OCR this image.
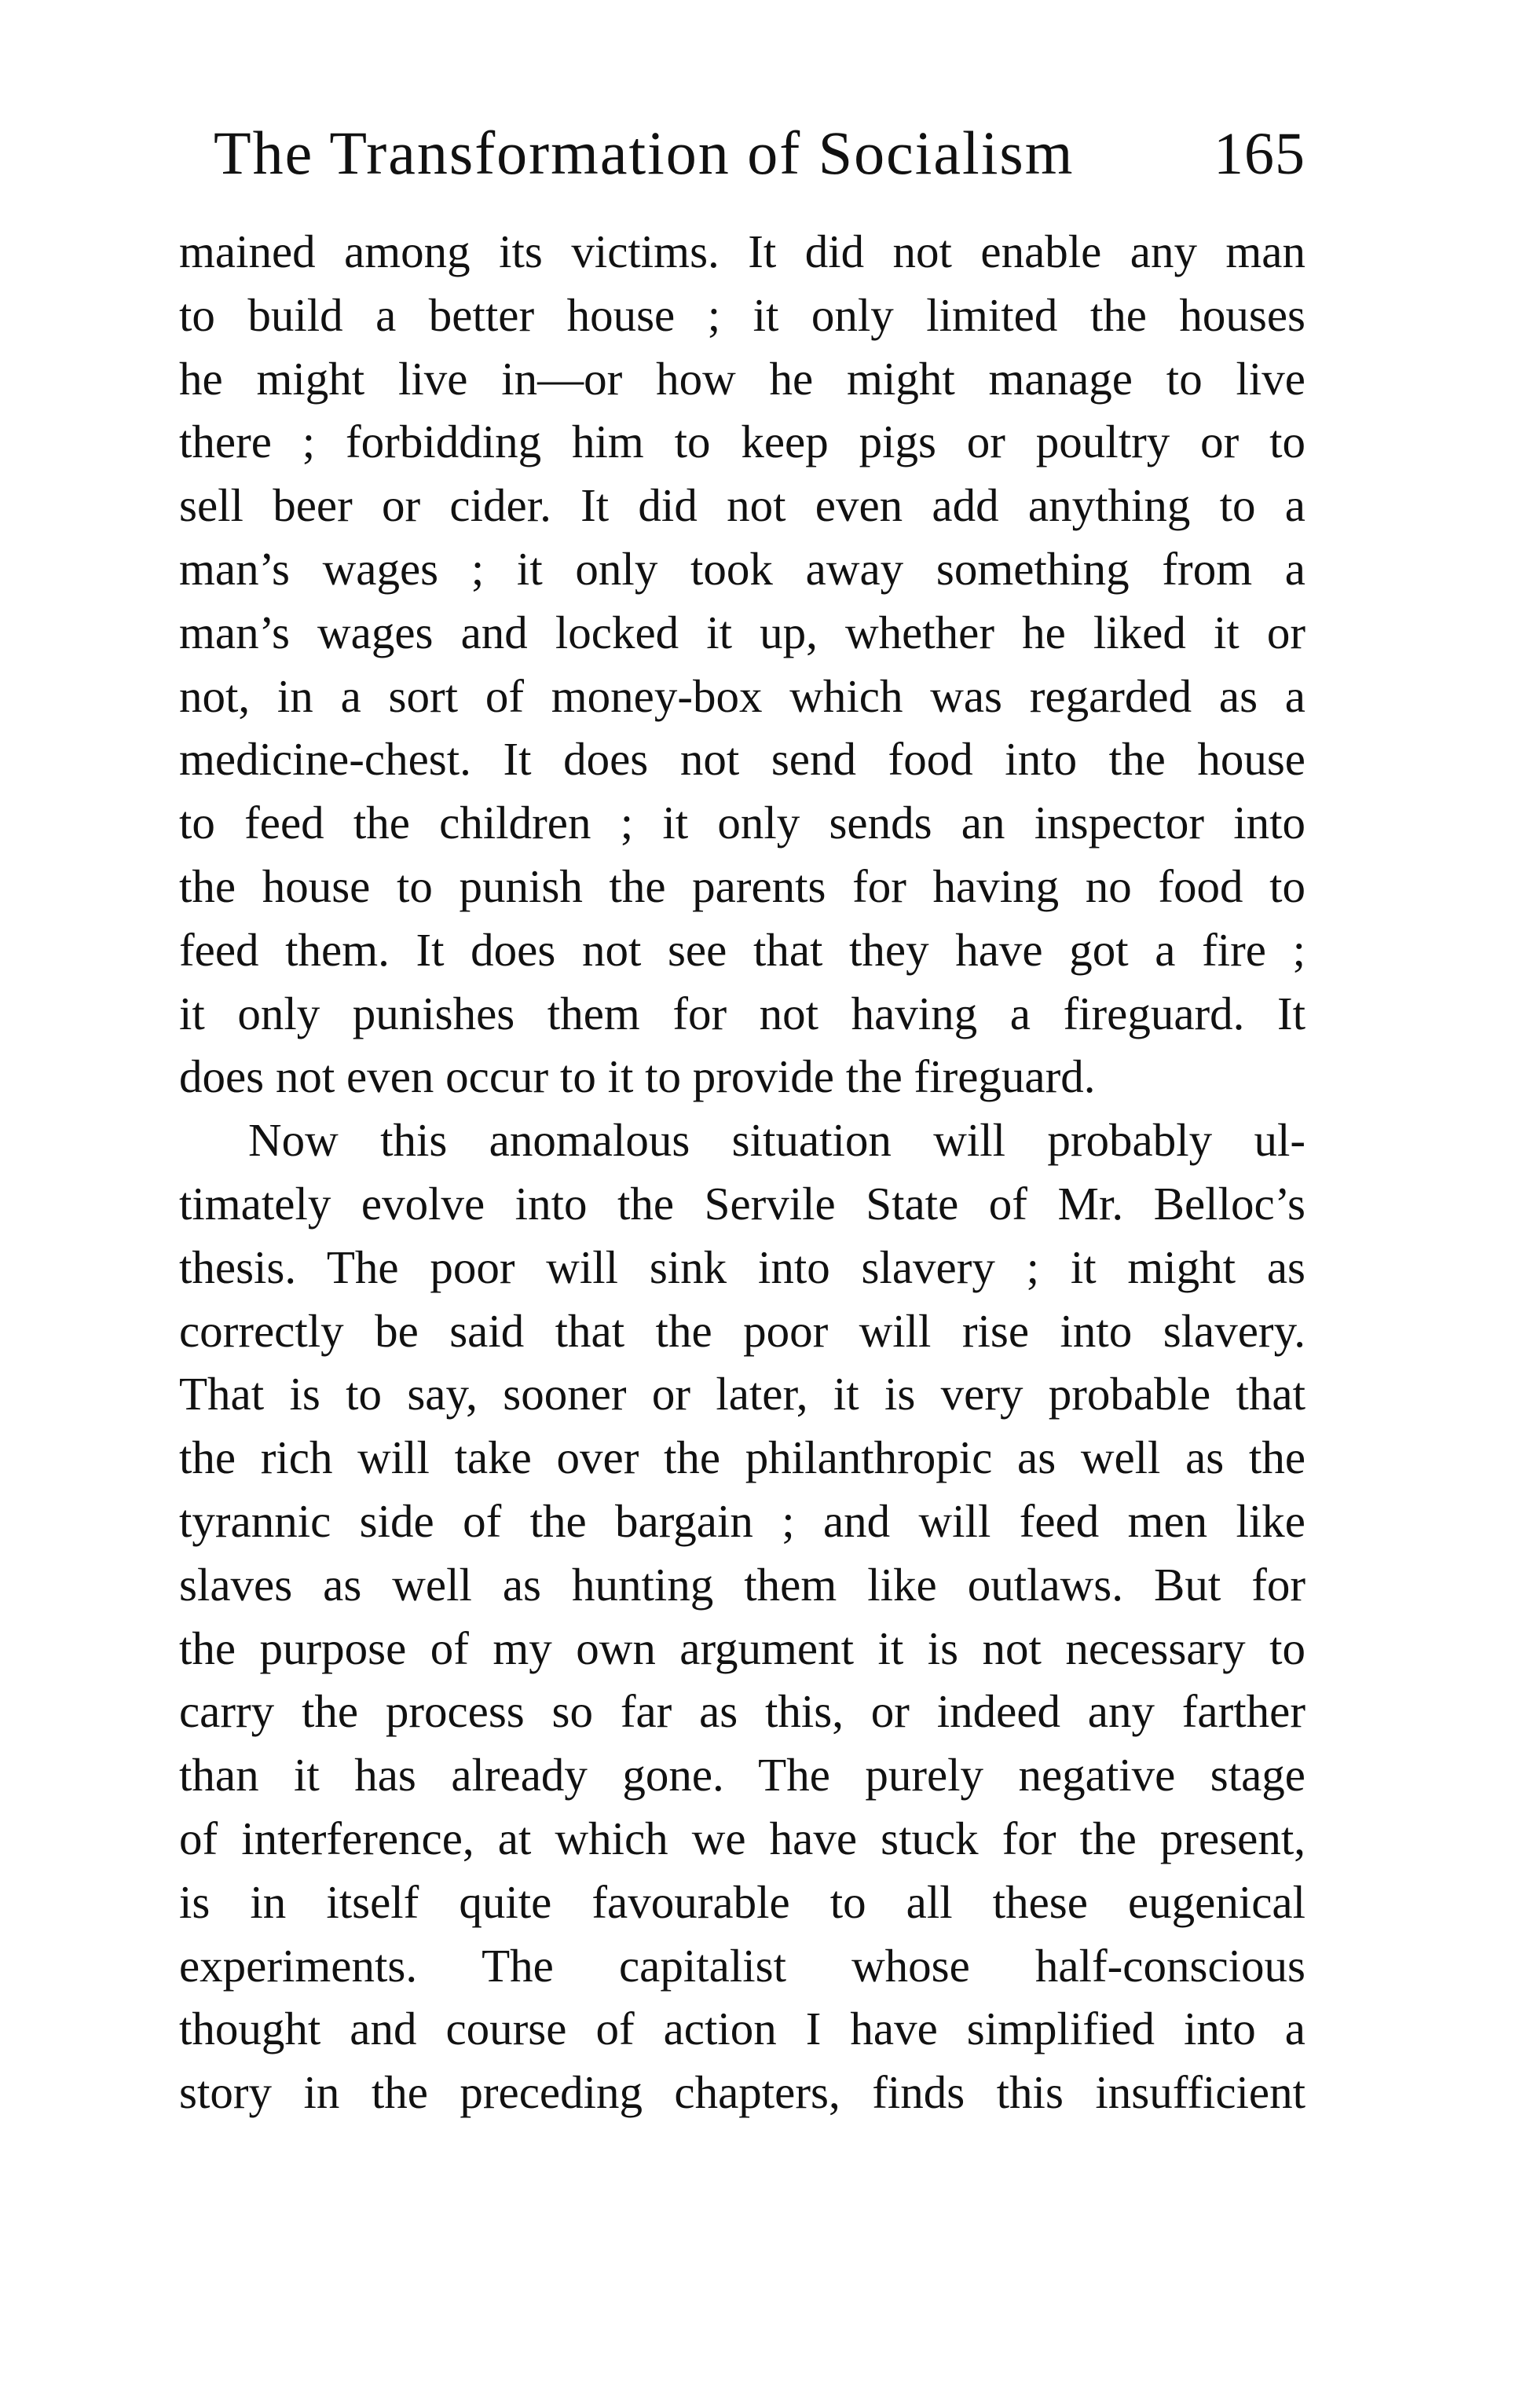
The Transformation of Socialism 165
mained among its victims. It did not enable any man
to build a better house ; it only limited the houses
he might live in—or how he might manage to live
there ; forbidding him to keep pigs or poultry or to
sell beer or cider. It did not even add anything to a
man’s wages ; it only took away something from a
man’s wages and locked it up, whether he liked it or
not, in a sort of money-box which was regarded as a
medicine-chest. It does not send food into the house
to feed the children ; it only sends an inspector into
the house to punish the parents for having no food to
feed them. It does not see that they have got a fire ;
it only punishes them for not having a fireguard. It
does not even occur to it to provide the fireguard.
Now this anomalous situation will probably ul-
timately evolve into the Servile State of Mr. Belloc’s
thesis. The poor will sink into slavery ; it might as
correctly be said that the poor will rise into slavery.
That is to say, sooner or later, it is very probable that
the rich will take over the philanthropic as well as the
tyrannic side of the bargain ; and will feed men like
slaves as well as hunting them like outlaws. But for
the purpose of my own argument it is not necessary to
carry the process so far as this, or indeed any farther
than it has already gone. The purely negative stage
of interference, at which we have stuck for the present,
is in itself quite favourable to all these eugenical
experiments. The capitalist whose half-conscious
thought and course of action I have simplified into a
story in the preceding chapters, finds this insufficient
